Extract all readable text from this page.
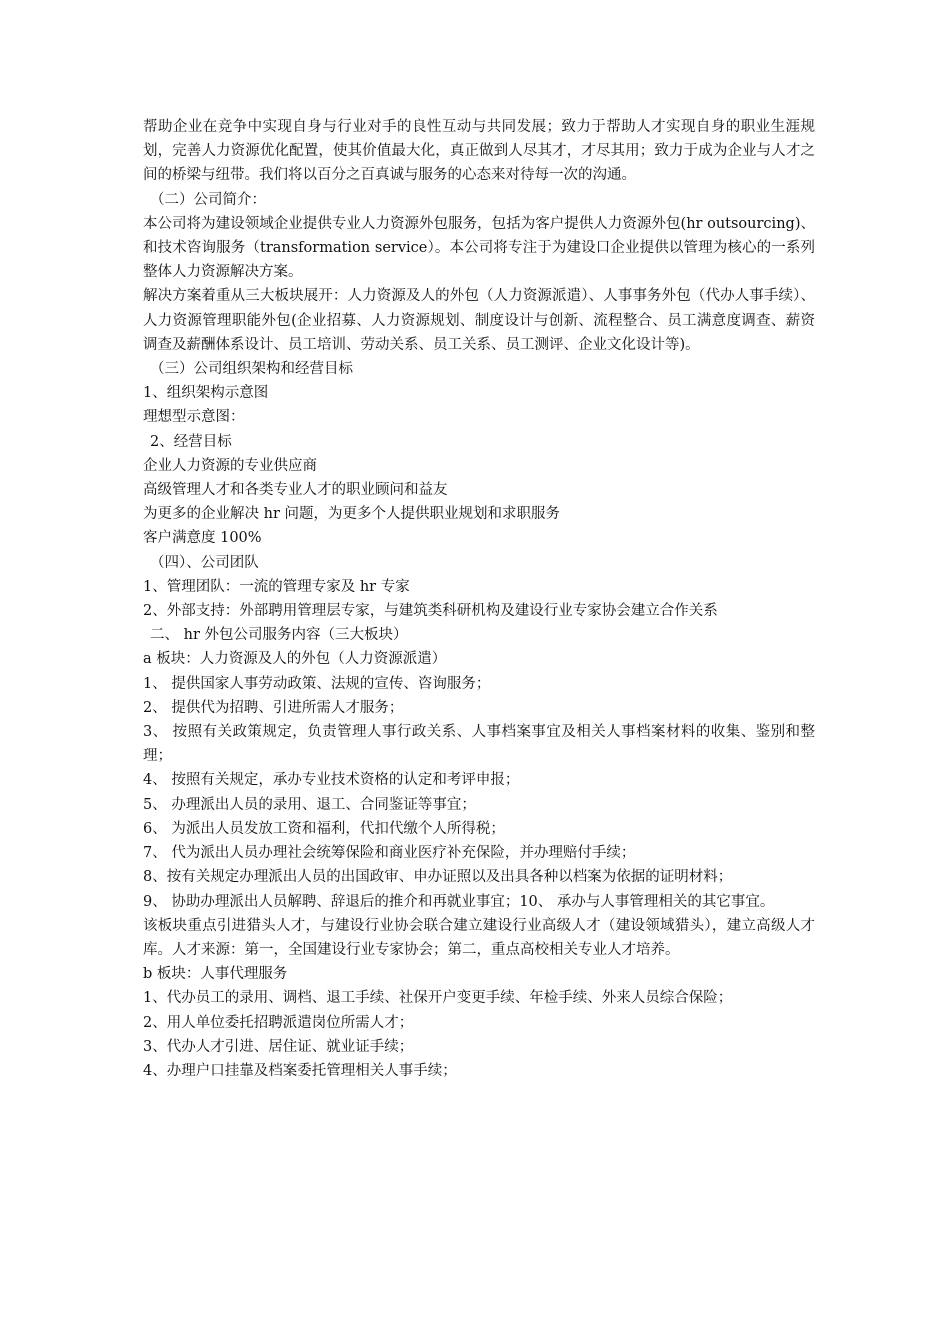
帮助企业在竞争中实现自身与行业对手的良性互动与共同发展；致力于帮助人才实现自身的职业生涯规划，完善人力资源优化配置，使其价值最大化，真正做到人尽其才，才尽其用；致力于成为企业与人才之间的桥梁与纽带。我们将以百分之百真诚与服务的心态来对待每一次的沟通。

（二）公司简介：

本公司将为建设领域企业提供专业人力资源外包服务，包括为客户提供人力资源外包(hr outsourcing)、和技术咨询服务（transformation service）。本公司将专注于为建设口企业提供以管理为核心的一系列整体人力资源解决方案。

解决方案着重从三大板块展开：人力资源及人的外包（人力资源派遣）、人事事务外包（代办人事手续）、人力资源管理职能外包(企业招募、人力资源规划、制度设计与创新、流程整合、员工满意度调查、薪资调查及薪酬体系设计、员工培训、劳动关系、员工关系、员工测评、企业文化设计等)。

（三）公司组织架构和经营目标

1、组织架构示意图

理想型示意图：

2、经营目标

企业人力资源的专业供应商

高级管理人才和各类专业人才的职业顾问和益友

为更多的企业解决 hr 问题，为更多个人提供职业规划和求职服务

客户满意度 100%

（四）、公司团队

1、管理团队：一流的管理专家及 hr 专家

2、外部支持：外部聘用管理层专家，与建筑类科研机构及建设行业专家协会建立合作关系

二、 hr 外包公司服务内容（三大板块）

a 板块：人力资源及人的外包（人力资源派遣）

1、 提供国家人事劳动政策、法规的宣传、咨询服务；

2、 提供代为招聘、引进所需人才服务；

3、 按照有关政策规定，负责管理人事行政关系、人事档案事宜及相关人事档案材料的收集、鉴别和整理；

4、 按照有关规定，承办专业技术资格的认定和考评申报；

5、 办理派出人员的录用、退工、合同鉴证等事宜；

6、 为派出人员发放工资和福利，代扣代缴个人所得税；

7、 代为派出人员办理社会统筹保险和商业医疗补充保险，并办理赔付手续；

8、按有关规定办理派出人员的出国政审、申办证照以及出具各种以档案为依据的证明材料；

9、 协助办理派出人员解聘、辞退后的推介和再就业事宜；10、 承办与人事管理相关的其它事宜。

该板块重点引进猎头人才，与建设行业协会联合建立建设行业高级人才（建设领域猎头），建立高级人才库。人才来源：第一，全国建设行业专家协会；第二，重点高校相关专业人才培养。

b 板块：人事代理服务

1、代办员工的录用、调档、退工手续、社保开户变更手续、年检手续、外来人员综合保险；

2、用人单位委托招聘派遣岗位所需人才；

3、代办人才引进、居住证、就业证手续；

4、办理户口挂靠及档案委托管理相关人事手续；
